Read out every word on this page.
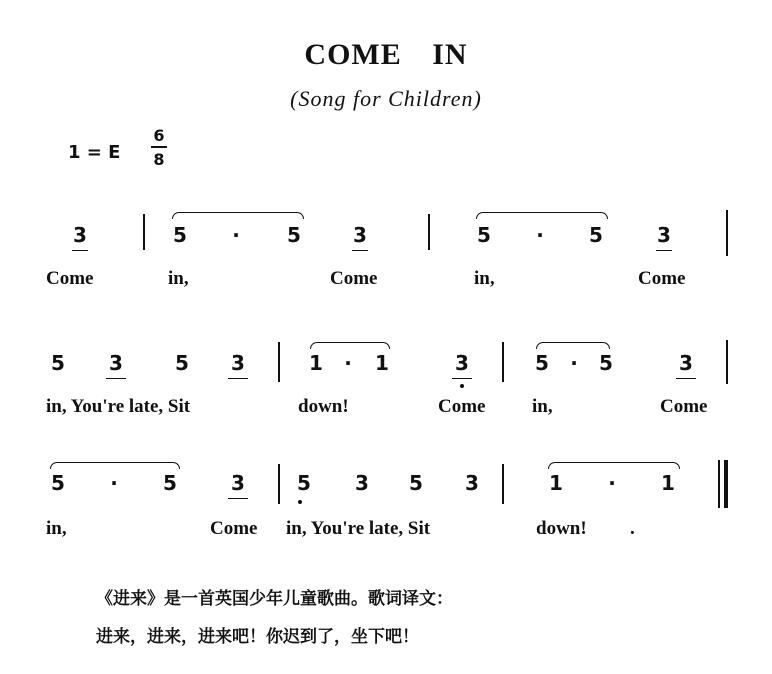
COME IN
(Song for Children)
1 = E
6
8
3	5 · 5	3	5 · 5	3
Come	in,	Come	in,	Come
5 3	5 3	1 · 1	3	5 · 5	3
in, You're late, Sit	down!	Come in,	Come
5 · 5	3	5 3 5 3	1 · 1
in,	Come in, You're late, Sit	down! .
《进来》是一首英国少年儿童歌曲。歌词译文：
进来，进来，进来吧！你迟到了，坐下吧！
